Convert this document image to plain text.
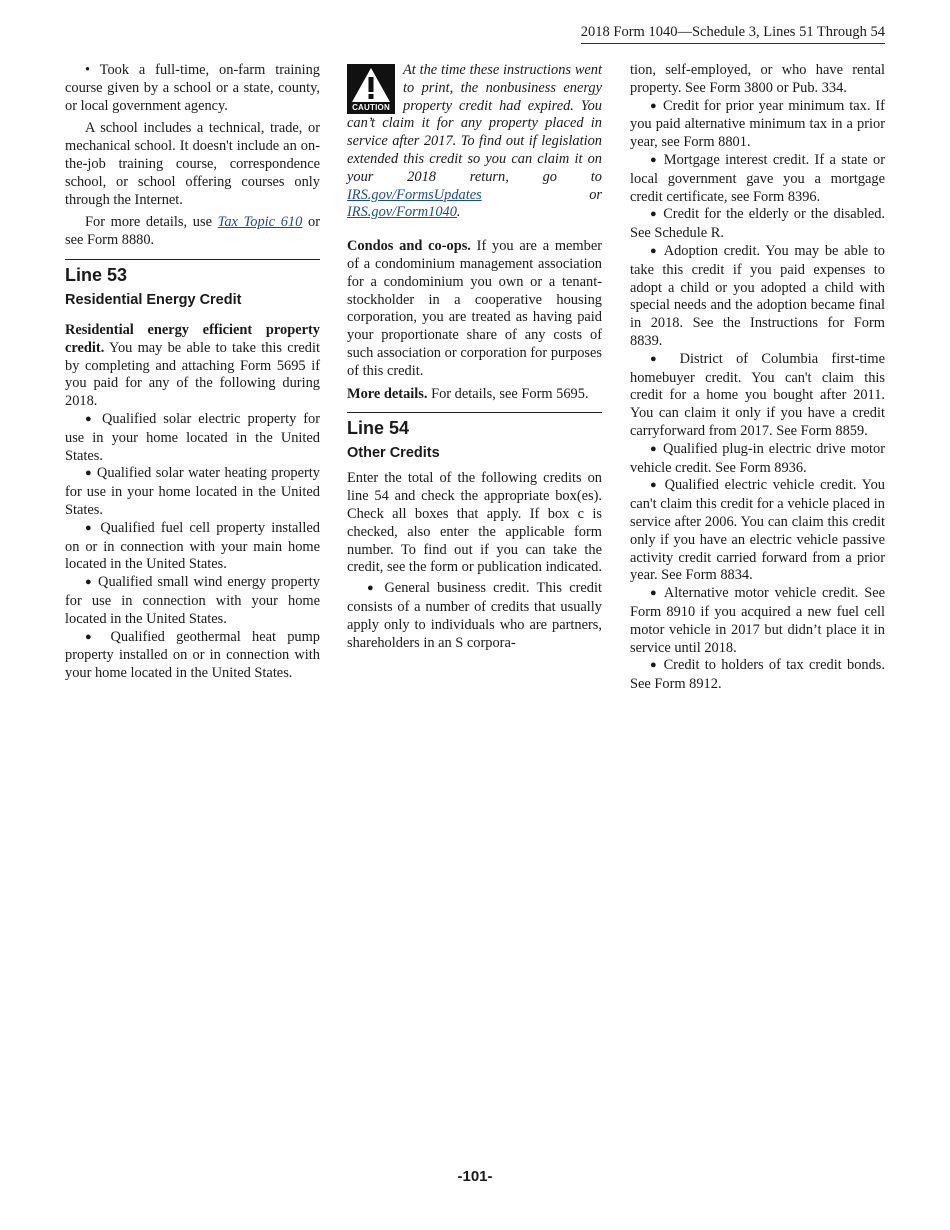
2018 Form 1040—Schedule 3, Lines 51 Through 54

• Took a full-time, on-farm training course given by a school or a state, county, or local government agency.

A school includes a technical, trade, or mechanical school. It doesn't include an on-the-job training course, correspondence school, or school offering courses only through the Internet.

For more details, use Tax Topic 610 or see Form 8880.

Line 53
Residential Energy Credit

Residential energy efficient property credit. You may be able to take this credit by completing and attaching Form 5695 if you paid for any of the following during 2018.

● Qualified solar electric property for use in your home located in the United States.

● Qualified solar water heating property for use in your home located in the United States.

● Qualified fuel cell property installed on or in connection with your main home located in the United States.

● Qualified small wind energy property for use in connection with your home located in the United States.

● Qualified geothermal heat pump property installed on or in connection with your home located in the United States.

CAUTION

At the time these instructions went to print, the nonbusiness energy property credit had expired. You can’t claim it for any property placed in service after 2017. To find out if legislation extended this credit so you can claim it on your 2018 return, go to IRS.gov/FormsUpdates or IRS.gov/Form1040.

Condos and co-ops. If you are a member of a condominium management association for a condominium you own or a tenant-stockholder in a cooperative housing corporation, you are treated as having paid your proportionate share of any costs of such association or corporation for purposes of this credit.

More details. For details, see Form 5695.

Line 54
Other Credits

Enter the total of the following credits on line 54 and check the appropriate box(es). Check all boxes that apply. If box c is checked, also enter the applicable form number. To find out if you can take the credit, see the form or publication indicated.

● General business credit. This credit consists of a number of credits that usually apply only to individuals who are partners, shareholders in an S corpora-

tion, self-employed, or who have rental property. See Form 3800 or Pub. 334.

● Credit for prior year minimum tax. If you paid alternative minimum tax in a prior year, see Form 8801.

● Mortgage interest credit. If a state or local government gave you a mortgage credit certificate, see Form 8396.

● Credit for the elderly or the disabled. See Schedule R.

● Adoption credit. You may be able to take this credit if you paid expenses to adopt a child or you adopted a child with special needs and the adoption became final in 2018. See the Instructions for Form 8839.

● District of Columbia first-time homebuyer credit. You can't claim this credit for a home you bought after 2011. You can claim it only if you have a credit carryforward from 2017. See Form 8859.

● Qualified plug-in electric drive motor vehicle credit. See Form 8936.

● Qualified electric vehicle credit. You can't claim this credit for a vehicle placed in service after 2006. You can claim this credit only if you have an electric vehicle passive activity credit carried forward from a prior year. See Form 8834.

● Alternative motor vehicle credit. See Form 8910 if you acquired a new fuel cell motor vehicle in 2017 but didn’t place it in service until 2018.

● Credit to holders of tax credit bonds. See Form 8912.

-101-
